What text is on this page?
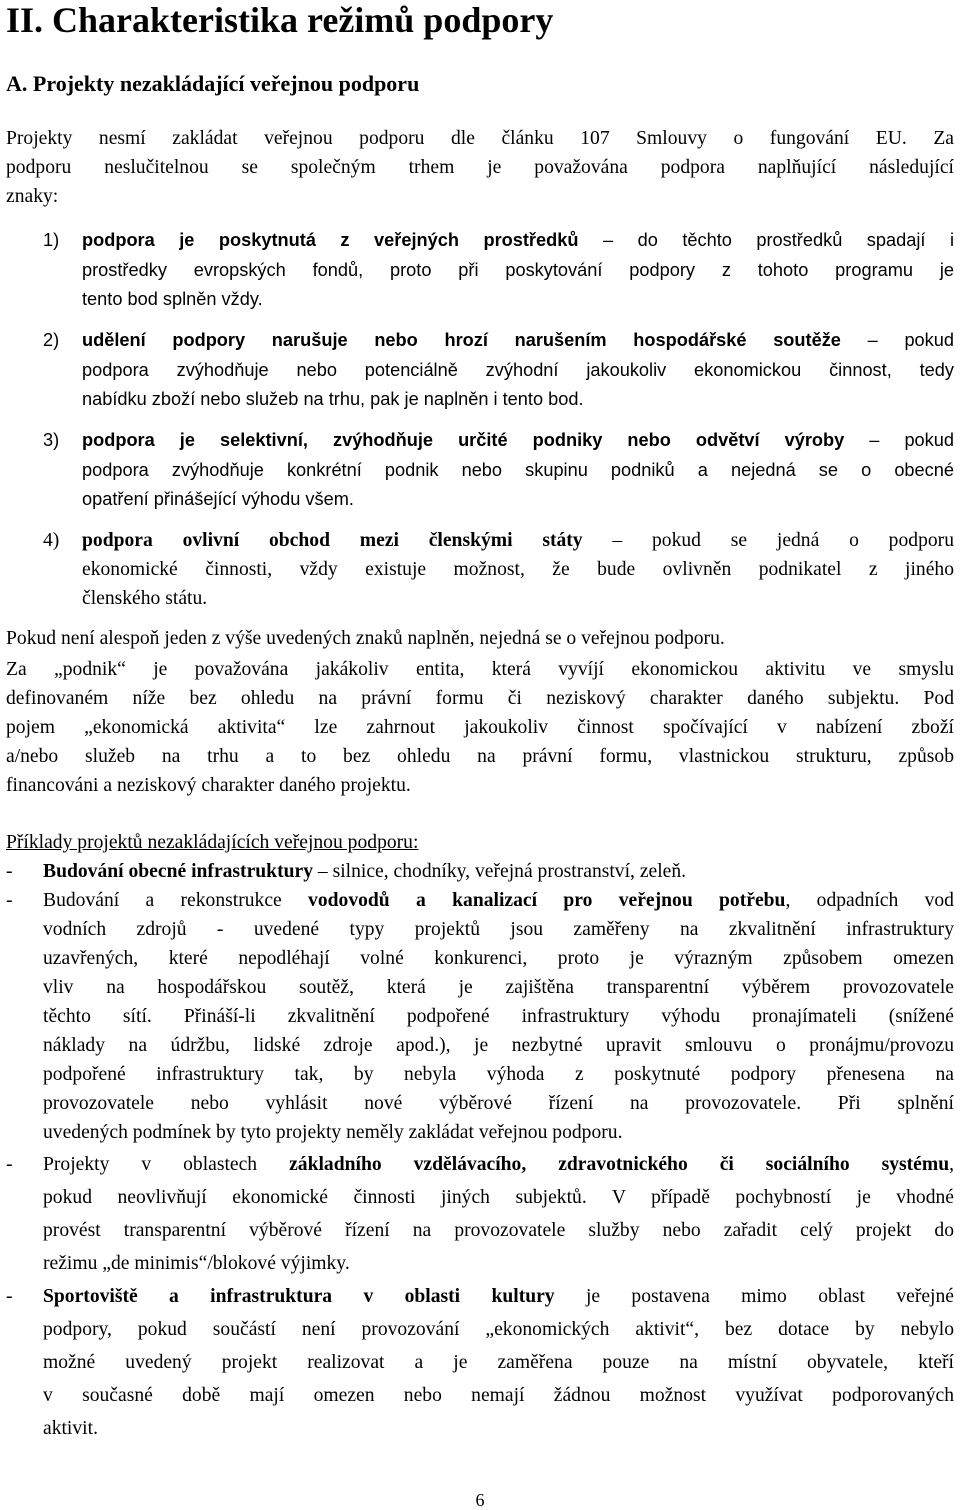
II. Charakteristika režimů podpory
A. Projekty nezakládající veřejnou podporu
Projekty nesmí zakládat veřejnou podporu dle článku 107 Smlouvy o fungování EU. Za
podporu neslučitelnou se společným trhem je považována podpora naplňující následující
znaky:
1) podpora je poskytnutá z veřejných prostředků – do těchto prostředků spadají i
prostředky evropských fondů, proto při poskytování podpory z tohoto programu je
tento bod splněn vždy.
2) udělení podpory narušuje nebo hrozí narušením hospodářské soutěže – pokud
podpora zvýhodňuje nebo potenciálně zvýhodní jakoukoliv ekonomickou činnost, tedy
nabídku zboží nebo služeb na trhu, pak je naplněn i tento bod.
3) podpora je selektivní, zvýhodňuje určité podniky nebo odvětví výroby – pokud
podpora zvýhodňuje konkrétní podnik nebo skupinu podniků a nejedná se o obecné
opatření přinášející výhodu všem.
4) podpora ovlivní obchod mezi členskými státy – pokud se jedná o podporu
ekonomické činnosti, vždy existuje možnost, že bude ovlivněn podnikatel z jiného
členského státu.
Pokud není alespoň jeden z výše uvedených znaků naplněn, nejedná se o veřejnou podporu.
Za „podnik“ je považována jakákoliv entita, která vyvíjí ekonomickou aktivitu ve smyslu
definovaném níže bez ohledu na právní formu či neziskový charakter daného subjektu. Pod
pojem „ekonomická aktivita“ lze zahrnout jakoukoliv činnost spočívající v nabízení zboží
a/nebo služeb na trhu a to bez ohledu na právní formu, vlastnickou strukturu, způsob
financováni a neziskový charakter daného projektu.
Příklady projektů nezakládajících veřejnou podporu:
- Budování obecné infrastruktury – silnice, chodníky, veřejná prostranství, zeleň.
- Budování a rekonstrukce vodovodů a kanalizací pro veřejnou potřebu, odpadních vod
vodních zdrojů - uvedené typy projektů jsou zaměřeny na zkvalitnění infrastruktury
uzavřených, které nepodléhají volné konkurenci, proto je výrazným způsobem omezen
vliv na hospodářskou soutěž, která je zajištěna transparentní výběrem provozovatele
těchto sítí. Přináší-li zkvalitnění podpořené infrastruktury výhodu pronajímateli (snížené
náklady na údržbu, lidské zdroje apod.), je nezbytné upravit smlouvu o pronájmu/provozu
podpořené infrastruktury tak, by nebyla výhoda z poskytnuté podpory přenesena na
provozovatele nebo vyhlásit nové výběrové řízení na provozovatele. Při splnění
uvedených podmínek by tyto projekty neměly zakládat veřejnou podporu.
- Projekty v oblastech základního vzdělávacího, zdravotnického či sociálního systému,
pokud neovlivňují ekonomické činnosti jiných subjektů. V případě pochybností je vhodné
provést transparentní výběrové řízení na provozovatele služby nebo zařadit celý projekt do
režimu „de minimis“/blokové výjimky.
- Sportoviště a infrastruktura v oblasti kultury je postavena mimo oblast veřejné
podpory, pokud součástí není provozování „ekonomických aktivit“, bez dotace by nebylo
možné uvedený projekt realizovat a je zaměřena pouze na místní obyvatele, kteří
v současné době mají omezen nebo nemají žádnou možnost využívat podporovaných
aktivit.
6
